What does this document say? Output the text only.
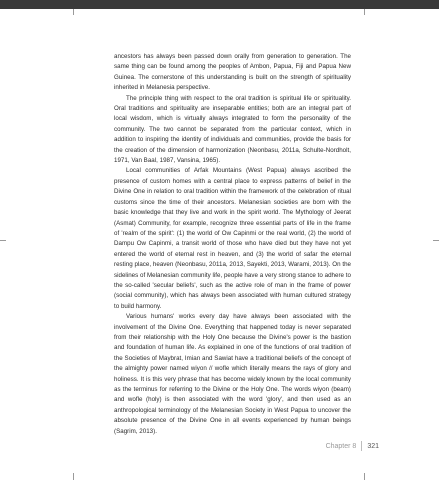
ancestors has always been passed down orally from generation to generation. The same thing can be found among the peoples of Ambon, Papua, Fiji and Papua New Guinea. The cornerstone of this understanding is built on the strength of spirituality inherited in Melanesia perspective.

The principle thing with respect to the oral tradition is spiritual life or spirituality. Oral traditions and spirituality are inseparable entities; both are an integral part of local wisdom, which is virtually always integrated to form the personality of the community. The two cannot be separated from the particular context, which in addition to inspiring the identity of individuals and communities, provide the basis for the creation of the dimension of harmonization (Neonbasu, 2011a, Schulte-Nordholt, 1971, Van Baal, 1987, Vansina, 1965).

Local communities of Arfak Mountains (West Papua) always ascribed the presence of custom homes with a central place to express patterns of belief in the Divine One in relation to oral tradition within the framework of the celebration of ritual customs since the time of their ancestors. Melanesian societies are born with the basic knowledge that they live and work in the spirit world. The Mythology of Jeerat (Asmat) Community, for example, recognize three essential parts of life in the frame of 'realm of the spirit': (1) the world of Ow Capinmi or the real world, (2) the world of Dampu Ow Capinmi, a transit world of those who have died but they have not yet entered the world of eternal rest in heaven, and (3) the world of safar the eternal resting place, heaven (Neonbasu, 2011a, 2013, Sayekti, 2013, Warami, 2013). On the sidelines of Melanesian community life, people have a very strong stance to adhere to the so-called 'secular beliefs', such as the active role of man in the frame of power (social community), which has always been associated with human cultured strategy to build harmony.

Various humans' works every day have always been associated with the involvement of the Divine One. Everything that happened today is never separated from their relationship with the Holy One because the Divine's power is the bastion and foundation of human life. As explained in one of the functions of oral tradition of the Societies of Maybrat, Imian and Sawiat have a traditional beliefs of the concept of the almighty power named wiyon // wofle which literally means the rays of glory and holiness. It is this very phrase that has become widely known by the local community as the terminus for referring to the Divine or the Holy One. The words wiyon (beam) and wofle (holy) is then associated with the word 'glory', and then used as an anthropological terminology of the Melanesian Society in West Papua to uncover the absolute presence of the Divine One in all events experienced by human beings (Sagrim, 2013).

Chapter 8 321
